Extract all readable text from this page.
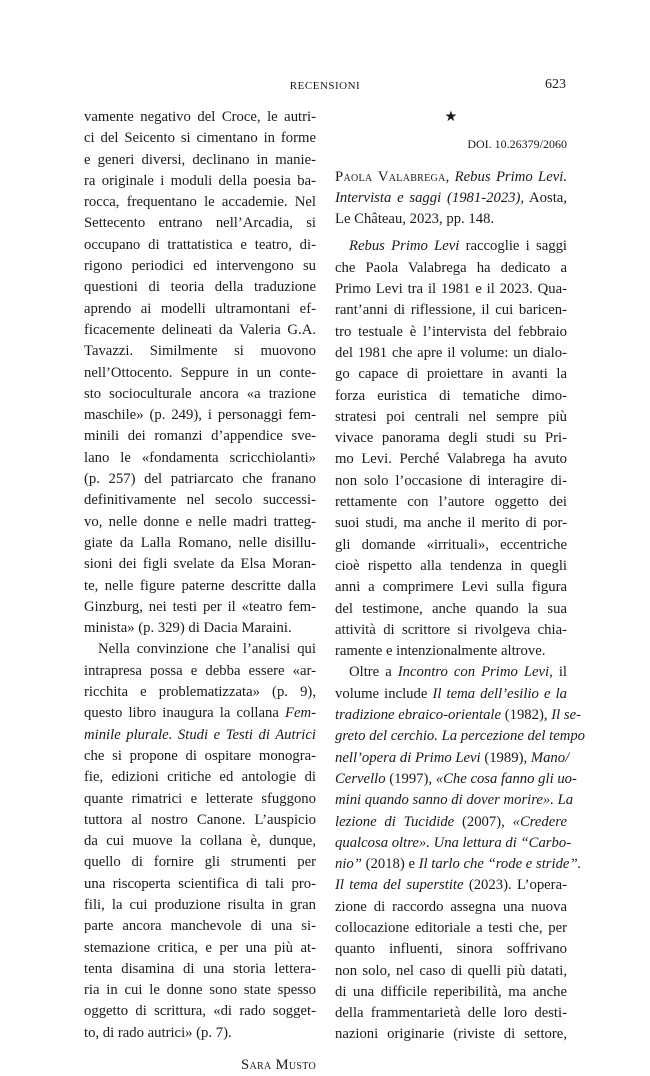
RECENSIONI	623
vamente negativo del Croce, le autri-
ci del Seicento si cimentano in forme
e generi diversi, declinano in manie-
ra originale i moduli della poesia ba-
rocca, frequentano le accademie. Nel
Settecento entrano nell’Arcadia, si
occupano di trattatistica e teatro, di-
rigono periodici ed intervengono su
questioni di teoria della traduzione
aprendo ai modelli ultramontani ef-
ficacemente delineati da Valeria G.A.
Tavazzi. Similmente si muovono
nell’Ottocento. Seppure in un conte-
sto socioculturale ancora «a trazione
maschile» (p. 249), i personaggi fem-
minili dei romanzi d’appendice sve-
lano le «fondamenta scricchiolanti»
(p. 257) del patriarcato che franano
definitivamente nel secolo successi-
vo, nelle donne e nelle madri tratteg-
giate da Lalla Romano, nelle disillu-
sioni dei figli svelate da Elsa Moran-
te, nelle figure paterne descritte dalla
Ginzburg, nei testi per il «teatro fem-
minista» (p. 329) di Dacia Maraini.
Nella convinzione che l’analisi qui
intrapresa possa e debba essere «ar-
ricchita e problematizzata» (p. 9),
questo libro inaugura la collana Fem-
minile plurale. Studi e Testi di Autrici
che si propone di ospitare monogra-
fie, edizioni critiche ed antologie di
quante rimatrici e letterate sfuggono
tuttora al nostro Canone. L’auspicio
da cui muove la collana è, dunque,
quello di fornire gli strumenti per
una riscoperta scientifica di tali pro-
fili, la cui produzione risulta in gran
parte ancora manchevole di una si-
stemazione critica, e per una più at-
tenta disamina di una storia lettera-
ria in cui le donne sono state spesso
oggetto di scrittura, «di rado sogget-
to, di rado autrici» (p. 7).
Sara Musto
★
DOI. 10.26379/2060
Paola Valabrega, Rebus Primo Levi.
Intervista e saggi (1981-2023), Aosta,
Le Château, 2023, pp. 148.
Rebus Primo Levi raccoglie i saggi
che Paola Valabrega ha dedicato a
Primo Levi tra il 1981 e il 2023. Qua-
rant’anni di riflessione, il cui baricen-
tro testuale è l’intervista del febbraio
del 1981 che apre il volume: un dialo-
go capace di proiettare in avanti la
forza euristica di tematiche dimo-
stratesi poi centrali nel sempre più
vivace panorama degli studi su Pri-
mo Levi. Perché Valabrega ha avuto
non solo l’occasione di interagire di-
rettamente con l’autore oggetto dei
suoi studi, ma anche il merito di por-
gli domande «irrituali», eccentriche
cioè rispetto alla tendenza in quegli
anni a comprimere Levi sulla figura
del testimone, anche quando la sua
attività di scrittore si rivolgeva chia-
ramente e intenzionalmente altrove.
Oltre a Incontro con Primo Levi, il
volume include Il tema dell’esilio e la
tradizione ebraico-orientale (1982), Il se-
greto del cerchio. La percezione del tempo
nell’opera di Primo Levi (1989), Mano/
Cervello (1997), «Che cosa fanno gli uo-
mini quando sanno di dover morire». La
lezione di Tucidide (2007), «Credere
qualcosa oltre». Una lettura di “Carbo-
nio” (2018) e Il tarlo che “rode e stride”.
Il tema del superstite (2023). L’opera-
zione di raccordo assegna una nuova
collocazione editoriale a testi che, per
quanto influenti, sinora soffrivano
non solo, nel caso di quelli più datati,
di una difficile reperibilità, ma anche
della frammentarietà delle loro desti-
nazioni originarie (riviste di settore,
